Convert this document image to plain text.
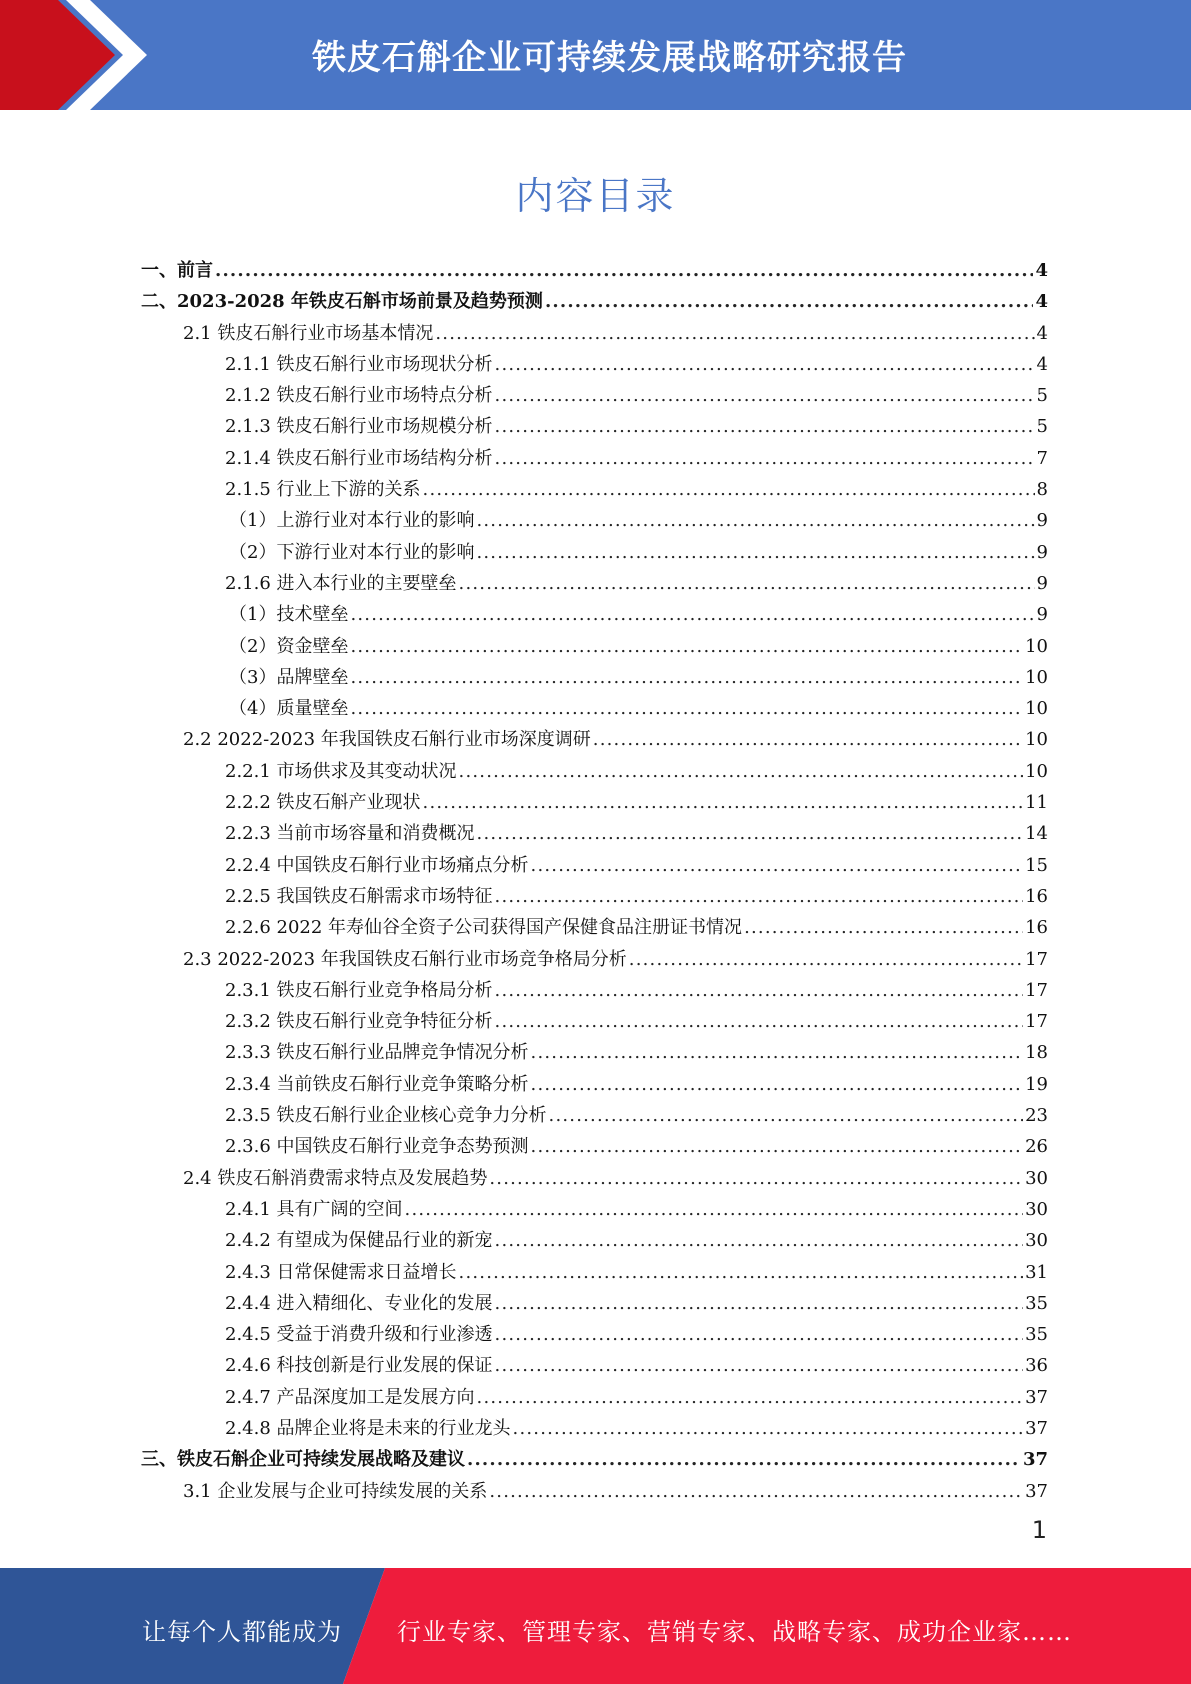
铁皮石斛企业可持续发展战略研究报告
内容目录
一、前言 .....	4
二、2023-2028 年铁皮石斛市场前景及趋势预测 .....	4
2.1 铁皮石斛行业市场基本情况 .....	4
2.1.1 铁皮石斛行业市场现状分析 .....	4
2.1.2 铁皮石斛行业市场特点分析 .....	5
2.1.3 铁皮石斛行业市场规模分析 .....	5
2.1.4 铁皮石斛行业市场结构分析 .....	7
2.1.5 行业上下游的关系 .....	8
（1）上游行业对本行业的影响 .....	9
（2）下游行业对本行业的影响 .....	9
2.1.6 进入本行业的主要壁垒 .....	9
（1）技术壁垒 .....	9
（2）资金壁垒 .....	10
（3）品牌壁垒 .....	10
（4）质量壁垒 .....	10
2.2 2022-2023 年我国铁皮石斛行业市场深度调研 .....	10
2.2.1 市场供求及其变动状况 .....	10
2.2.2 铁皮石斛产业现状 .....	11
2.2.3 当前市场容量和消费概况 .....	14
2.2.4 中国铁皮石斛行业市场痛点分析 .....	15
2.2.5 我国铁皮石斛需求市场特征 .....	16
2.2.6 2022 年寿仙谷全资子公司获得国产保健食品注册证书情况 .....	16
2.3 2022-2023 年我国铁皮石斛行业市场竞争格局分析 .....	17
2.3.1 铁皮石斛行业竞争格局分析 .....	17
2.3.2 铁皮石斛行业竞争特征分析 .....	17
2.3.3 铁皮石斛行业品牌竞争情况分析 .....	18
2.3.4 当前铁皮石斛行业竞争策略分析 .....	19
2.3.5 铁皮石斛行业企业核心竞争力分析 .....	23
2.3.6 中国铁皮石斛行业竞争态势预测 .....	26
2.4 铁皮石斛消费需求特点及发展趋势 .....	30
2.4.1 具有广阔的空间 .....	30
2.4.2 有望成为保健品行业的新宠 .....	30
2.4.3 日常保健需求日益增长 .....	31
2.4.4 进入精细化、专业化的发展 .....	35
2.4.5 受益于消费升级和行业渗透 .....	35
2.4.6 科技创新是行业发展的保证 .....	36
2.4.7 产品深度加工是发展方向 .....	37
2.4.8 品牌企业将是未来的行业龙头 .....	37
三、铁皮石斛企业可持续发展战略及建议 .....	37
3.1 企业发展与企业可持续发展的关系 .....	37
1
让每个人都能成为 行业专家、管理专家、营销专家、战略专家、成功企业家……
